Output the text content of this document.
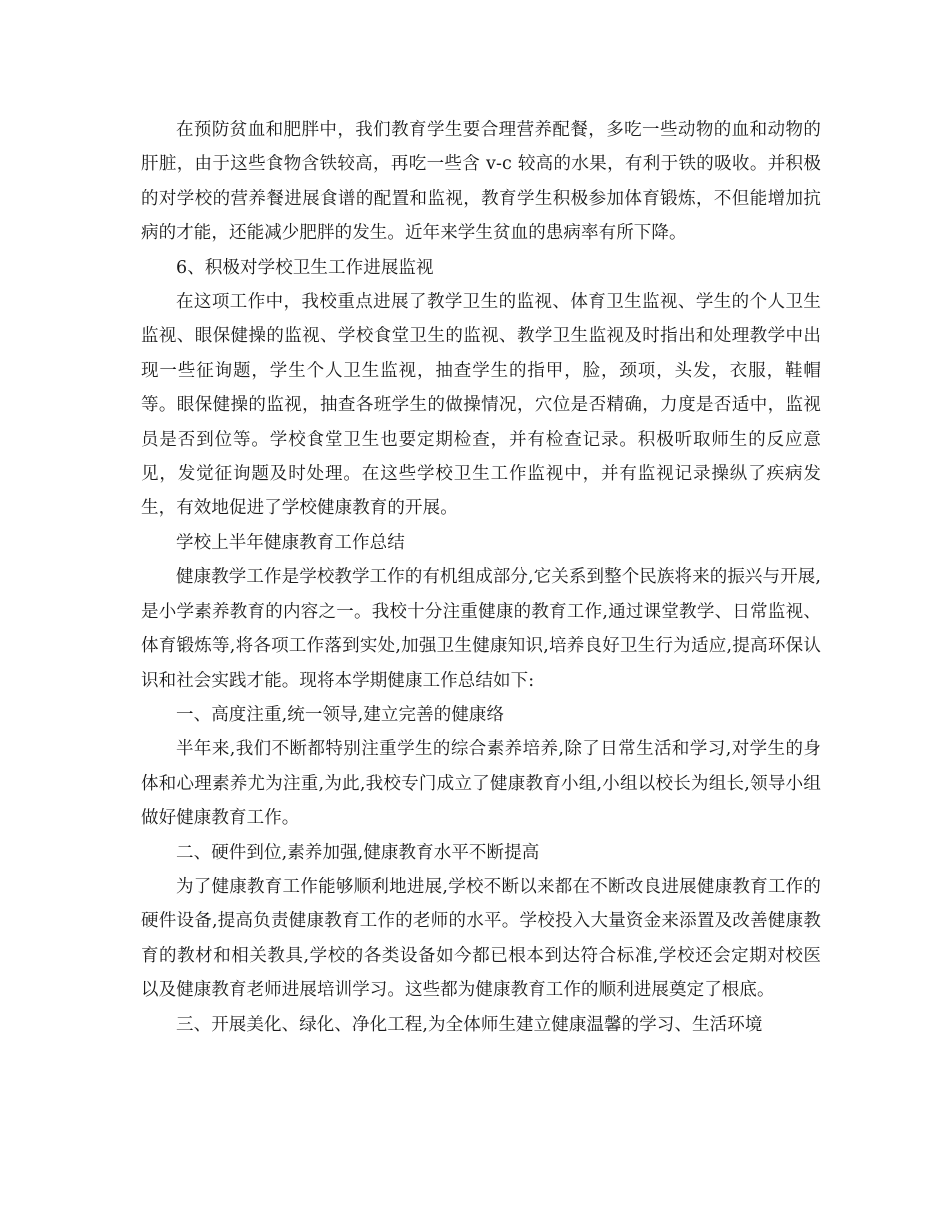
在预防贫血和肥胖中，我们教育学生要合理营养配餐，多吃一些动物的血和动物的肝脏，由于这些食物含铁较高，再吃一些含 v-c 较高的水果，有利于铁的吸收。并积极的对学校的营养餐进展食谱的配置和监视，教育学生积极参加体育锻炼，不但能增加抗病的才能，还能减少肥胖的发生。近年来学生贫血的患病率有所下降。

6、积极对学校卫生工作进展监视

在这项工作中，我校重点进展了教学卫生的监视、体育卫生监视、学生的个人卫生监视、眼保健操的监视、学校食堂卫生的监视、教学卫生监视及时指出和处理教学中出现一些征询题，学生个人卫生监视，抽查学生的指甲，脸，颈项，头发，衣服，鞋帽等。眼保健操的监视，抽查各班学生的做操情况，穴位是否精确，力度是否适中，监视员是否到位等。学校食堂卫生也要定期检查，并有检查记录。积极听取师生的反应意见，发觉征询题及时处理。在这些学校卫生工作监视中，并有监视记录操纵了疾病发生，有效地促进了学校健康教育的开展。

学校上半年健康教育工作总结

健康教学工作是学校教学工作的有机组成部分,它关系到整个民族将来的振兴与开展,是小学素养教育的内容之一。我校十分注重健康的教育工作,通过课堂教学、日常监视、体育锻炼等,将各项工作落到实处,加强卫生健康知识,培养良好卫生行为适应,提高环保认识和社会实践才能。现将本学期健康工作总结如下:

一、高度注重,统一领导,建立完善的健康络

半年来,我们不断都特别注重学生的综合素养培养,除了日常生活和学习,对学生的身体和心理素养尤为注重,为此,我校专门成立了健康教育小组,小组以校长为组长,领导小组做好健康教育工作。

二、硬件到位,素养加强,健康教育水平不断提高

为了健康教育工作能够顺利地进展,学校不断以来都在不断改良进展健康教育工作的硬件设备,提高负责健康教育工作的老师的水平。学校投入大量资金来添置及改善健康教育的教材和相关教具,学校的各类设备如今都已根本到达符合标准,学校还会定期对校医以及健康教育老师进展培训学习。这些都为健康教育工作的顺利进展奠定了根底。

三、开展美化、绿化、净化工程,为全体师生建立健康温馨的学习、生活环境
